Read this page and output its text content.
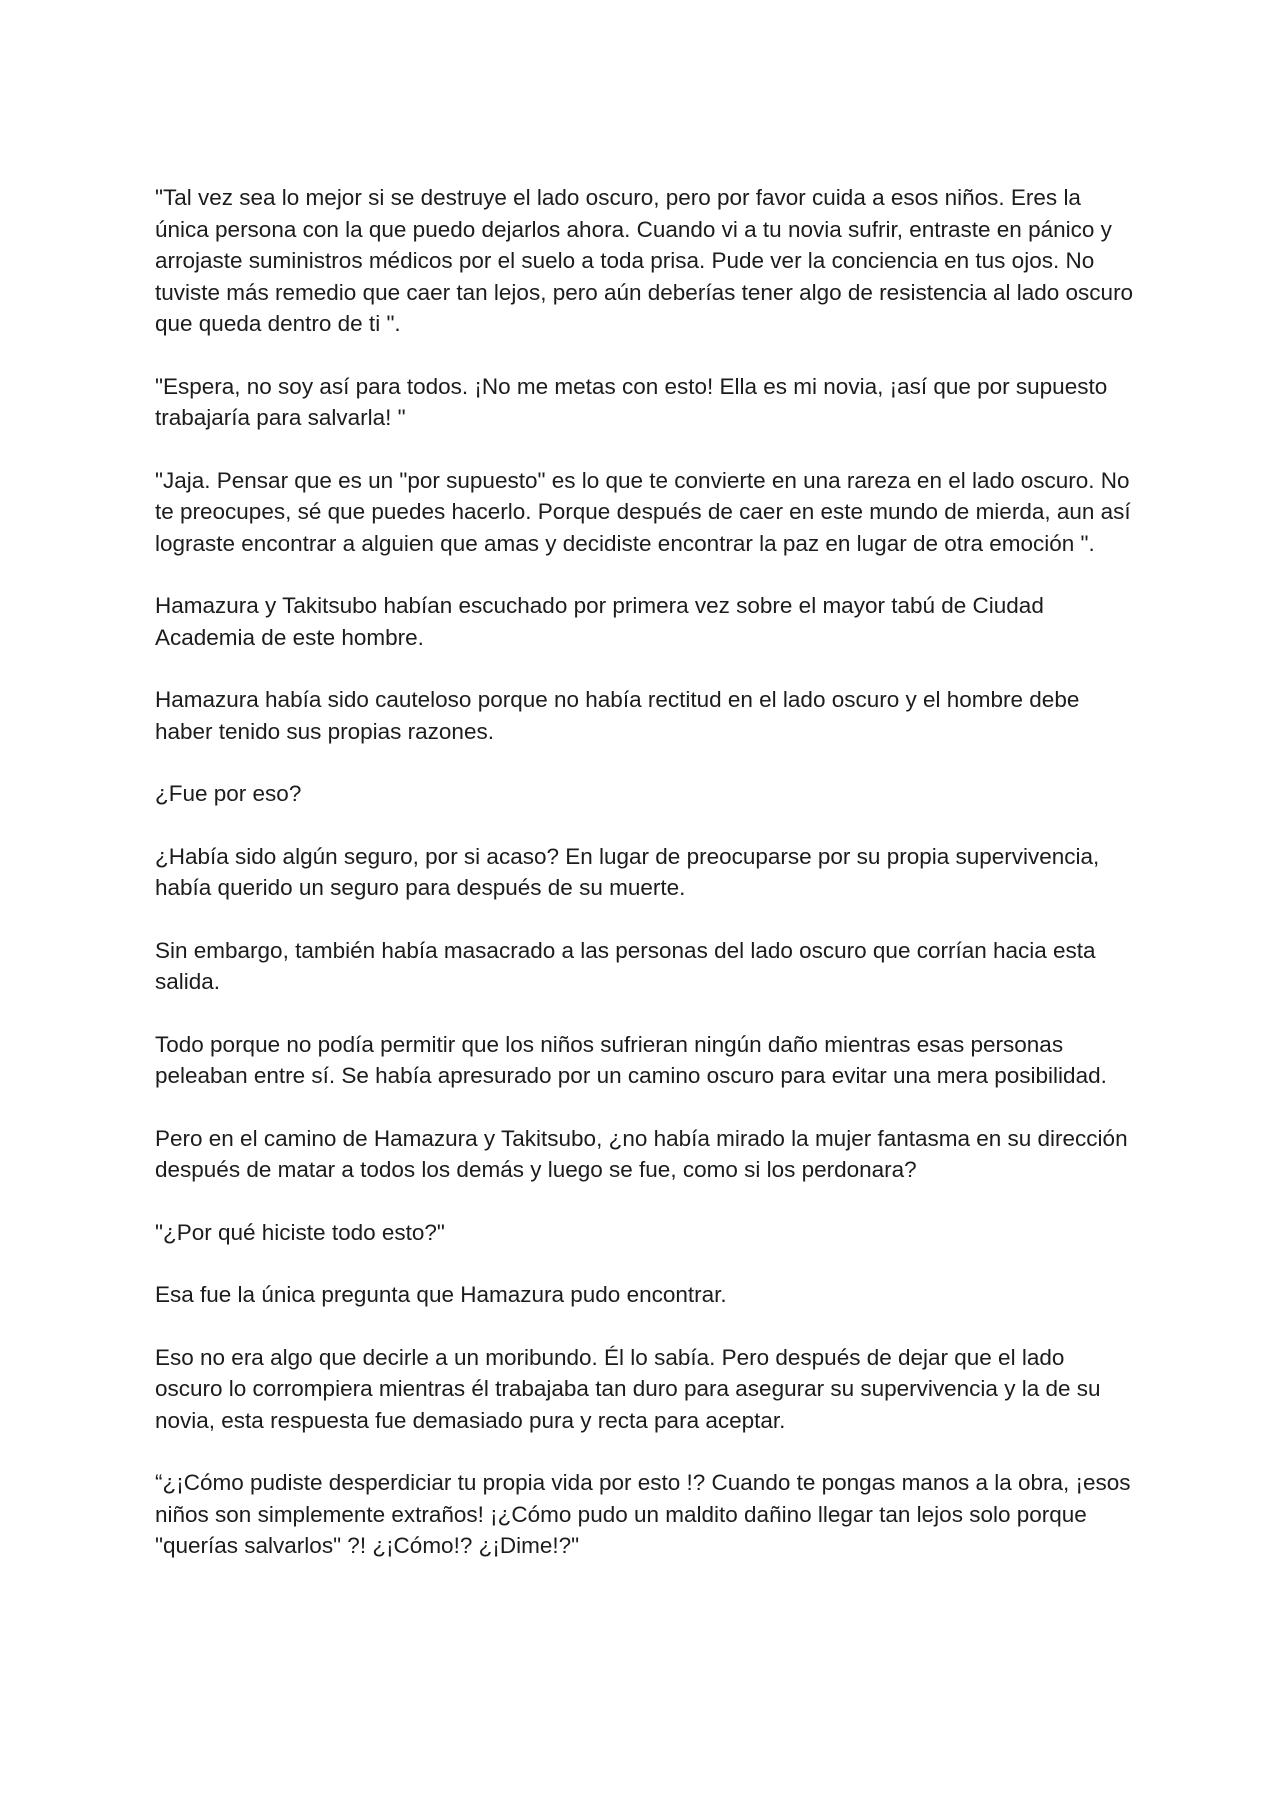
"Tal vez sea lo mejor si se destruye el lado oscuro, pero por favor cuida a esos niños. Eres la única persona con la que puedo dejarlos ahora. Cuando vi a tu novia sufrir, entraste en pánico y arrojaste suministros médicos por el suelo a toda prisa. Pude ver la conciencia en tus ojos. No tuviste más remedio que caer tan lejos, pero aún deberías tener algo de resistencia al lado oscuro que queda dentro de ti ".

"Espera, no soy así para todos. ¡No me metas con esto! Ella es mi novia, ¡así que por supuesto trabajaría para salvarla! "

"Jaja. Pensar que es un "por supuesto" es lo que te convierte en una rareza en el lado oscuro. No te preocupes, sé que puedes hacerlo. Porque después de caer en este mundo de mierda, aun así lograste encontrar a alguien que amas y decidiste encontrar la paz en lugar de otra emoción ".

Hamazura y Takitsubo habían escuchado por primera vez sobre el mayor tabú de Ciudad Academia de este hombre.

Hamazura había sido cauteloso porque no había rectitud en el lado oscuro y el hombre debe haber tenido sus propias razones.

¿Fue por eso?

¿Había sido algún seguro, por si acaso? En lugar de preocuparse por su propia supervivencia, había querido un seguro para después de su muerte.

Sin embargo, también había masacrado a las personas del lado oscuro que corrían hacia esta salida.

Todo porque no podía permitir que los niños sufrieran ningún daño mientras esas personas peleaban entre sí. Se había apresurado por un camino oscuro para evitar una mera posibilidad.

Pero en el camino de Hamazura y Takitsubo, ¿no había mirado la mujer fantasma en su dirección después de matar a todos los demás y luego se fue, como si los perdonara?

"¿Por qué hiciste todo esto?"

Esa fue la única pregunta que Hamazura pudo encontrar.

Eso no era algo que decirle a un moribundo. Él lo sabía. Pero después de dejar que el lado oscuro lo corrompiera mientras él trabajaba tan duro para asegurar su supervivencia y la de su novia, esta respuesta fue demasiado pura y recta para aceptar.

“¿¡Cómo pudiste desperdiciar tu propia vida por esto !? Cuando te pongas manos a la obra, ¡esos niños son simplemente extraños! ¡¿Cómo pudo un maldito dañino llegar tan lejos solo porque "querías salvarlos" ?! ¿¡Cómo!? ¿¡Dime!?"
